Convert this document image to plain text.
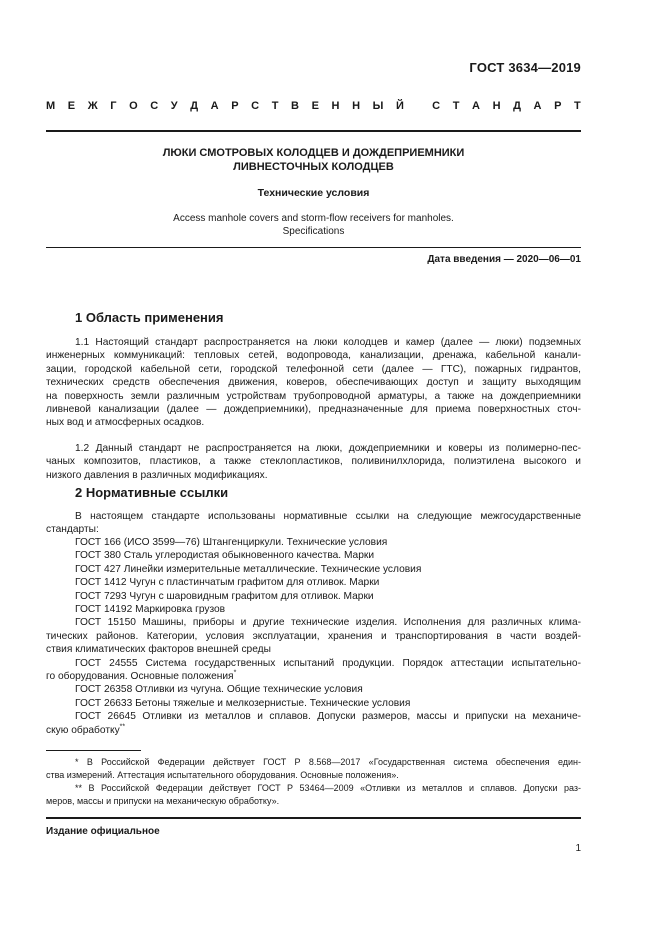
ГОСТ 3634—2019
М Е Ж Г О С У Д А Р С Т В Е Н Н Ы Й
	С Т А Н Д А Р Т
ЛЮКИ СМОТРОВЫХ КОЛОДЦЕВ И ДОЖДЕПРИЕМНИКИ
ЛИВНЕСТОЧНЫХ КОЛОДЦЕВ
Технические условия
Access manhole covers and storm-flow receivers for manholes.
Specifications
Дата введения — 2020—06—01
1 Область применения
1.1 Настоящий стандарт распространяется на люки колодцев и камер (далее — люки) подземных
инженерных коммуникаций: тепловых сетей, водопровода, канализации, дренажа, кабельной канали-
зации, городской кабельной сети, городской телефонной сети (далее — ГТС), пожарных гидрантов,
технических средств обеспечения движения, коверов, обеспечивающих доступ и защиту выходящим
на поверхность земли различным устройствам трубопроводной арматуры, а также на дождеприемники
ливневой канализации (далее — дождеприемники), предназначенные для приема поверхностных сточ-
ных вод и атмосферных осадков.
1.2 Данный стандарт не распространяется на люки, дождеприемники и коверы из полимерно-пес-
чаных композитов, пластиков, а также стеклопластиков, поливинилхлорида, полиэтилена высокого и
низкого давления в различных модификациях.
2 Нормативные ссылки
В настоящем стандарте использованы нормативные ссылки на следующие межгосударственные
стандарты:
ГОСТ 166 (ИСО 3599—76) Штангенциркули. Технические условия
ГОСТ 380 Сталь углеродистая обыкновенного качества. Марки
ГОСТ 427 Линейки измерительные металлические. Технические условия
ГОСТ 1412 Чугун с пластинчатым графитом для отливок. Марки
ГОСТ 7293 Чугун с шаровидным графитом для отливок. Марки
ГОСТ 14192 Маркировка грузов
ГОСТ 15150 Машины, приборы и другие технические изделия. Исполнения для различных клима-
тических районов. Категории, условия эксплуатации, хранения и транспортирования в части воздей-
ствия климатических факторов внешней среды
ГОСТ 24555 Система государственных испытаний продукции. Порядок аттестации испытательно-
го оборудования. Основные положения*
ГОСТ 26358 Отливки из чугуна. Общие технические условия
ГОСТ 26633 Бетоны тяжелые и мелкозернистые. Технические условия
ГОСТ 26645 Отливки из металлов и сплавов. Допуски размеров, массы и припуски на механиче-
скую обработку**
* В Российской Федерации действует ГОСТ Р 8.568—2017 «Государственная система обеспечения един-
ства измерений. Аттестация испытательного оборудования. Основные положения».
** В Российской Федерации действует ГОСТ Р 53464—2009 «Отливки из металлов и сплавов. Допуски раз-
меров, массы и припуски на механическую обработку».
Издание официальное
1
